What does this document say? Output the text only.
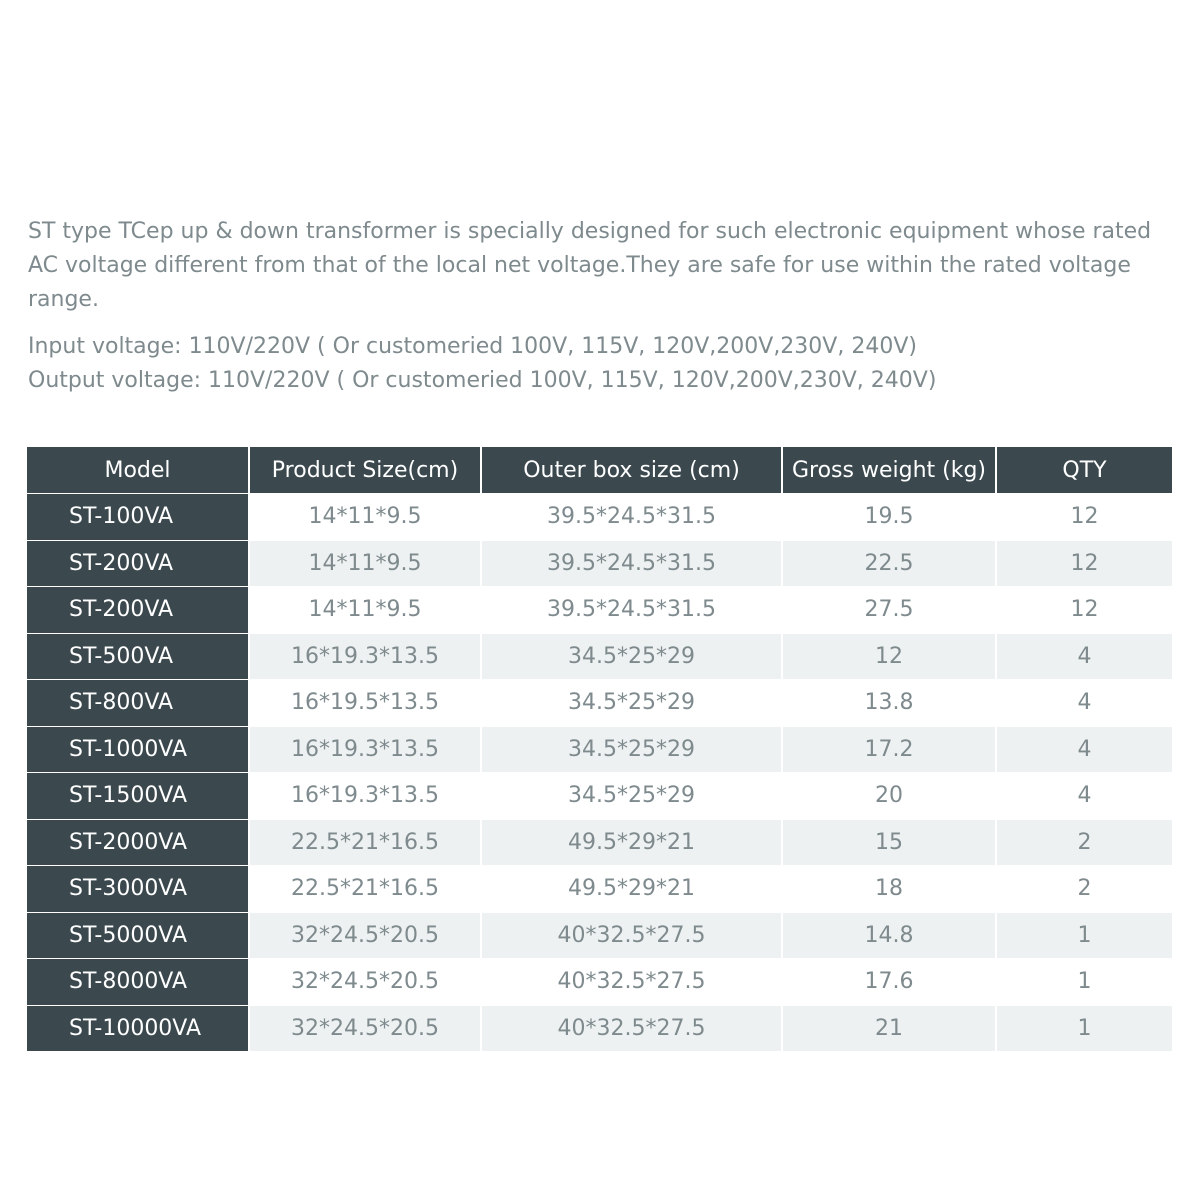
ST type TCep up & down transformer is specially designed for such electronic equipment whose rated AC voltage different from that of the local net voltage.They are safe for use within the rated voltage range.

Input voltage: 110V/220V ( Or customeried 100V, 115V, 120V,200V,230V, 240V)

Output voltage: 110V/220V ( Or customeried 100V, 115V, 120V,200V,230V, 240V)

Model	Product Size(cm)	Outer box size (cm)	Gross weight (kg)	QTY
ST-100VA	14*11*9.5	39.5*24.5*31.5	19.5	12
ST-200VA	14*11*9.5	39.5*24.5*31.5	22.5	12
ST-200VA	14*11*9.5	39.5*24.5*31.5	27.5	12
ST-500VA	16*19.3*13.5	34.5*25*29	12	4
ST-800VA	16*19.5*13.5	34.5*25*29	13.8	4
ST-1000VA	16*19.3*13.5	34.5*25*29	17.2	4
ST-1500VA	16*19.3*13.5	34.5*25*29	20	4
ST-2000VA	22.5*21*16.5	49.5*29*21	15	2
ST-3000VA	22.5*21*16.5	49.5*29*21	18	2
ST-5000VA	32*24.5*20.5	40*32.5*27.5	14.8	1
ST-8000VA	32*24.5*20.5	40*32.5*27.5	17.6	1
ST-10000VA	32*24.5*20.5	40*32.5*27.5	21	1
